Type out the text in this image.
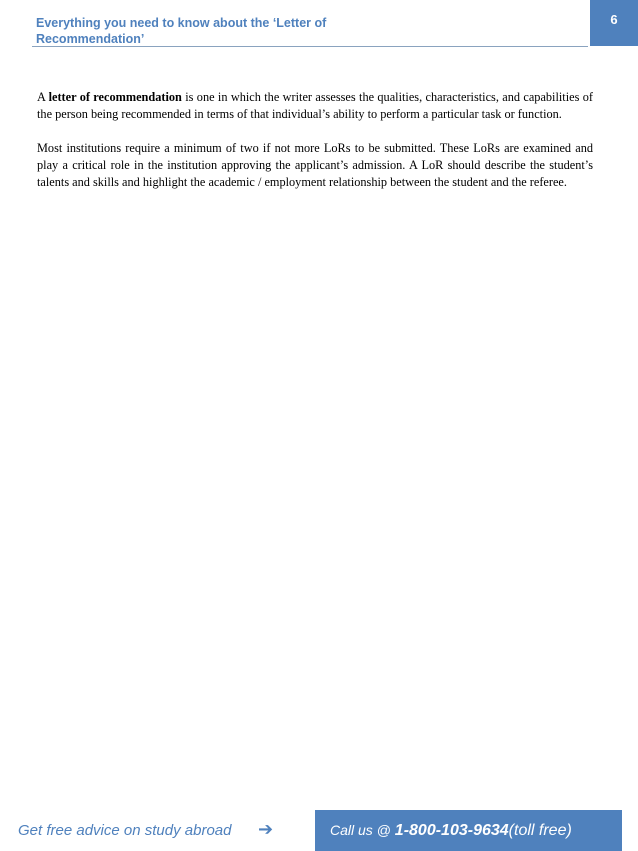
Everything you need to know about the ‘Letter of Recommendation’
6

A letter of recommendation is one in which the writer assesses the qualities, characteristics, and capabilities of the person being recommended in terms of that individual’s ability to perform a particular task or function.

Most institutions require a minimum of two if not more LoRs to be submitted. These LoRs are examined and play a critical role in the institution approving the applicant’s admission. A LoR should describe the student’s talents and skills and highlight the academic / employment relationship between the student and the referee.

Get free advice on study abroad ➔	Call us @ 1-800-103-9634(toll free)
